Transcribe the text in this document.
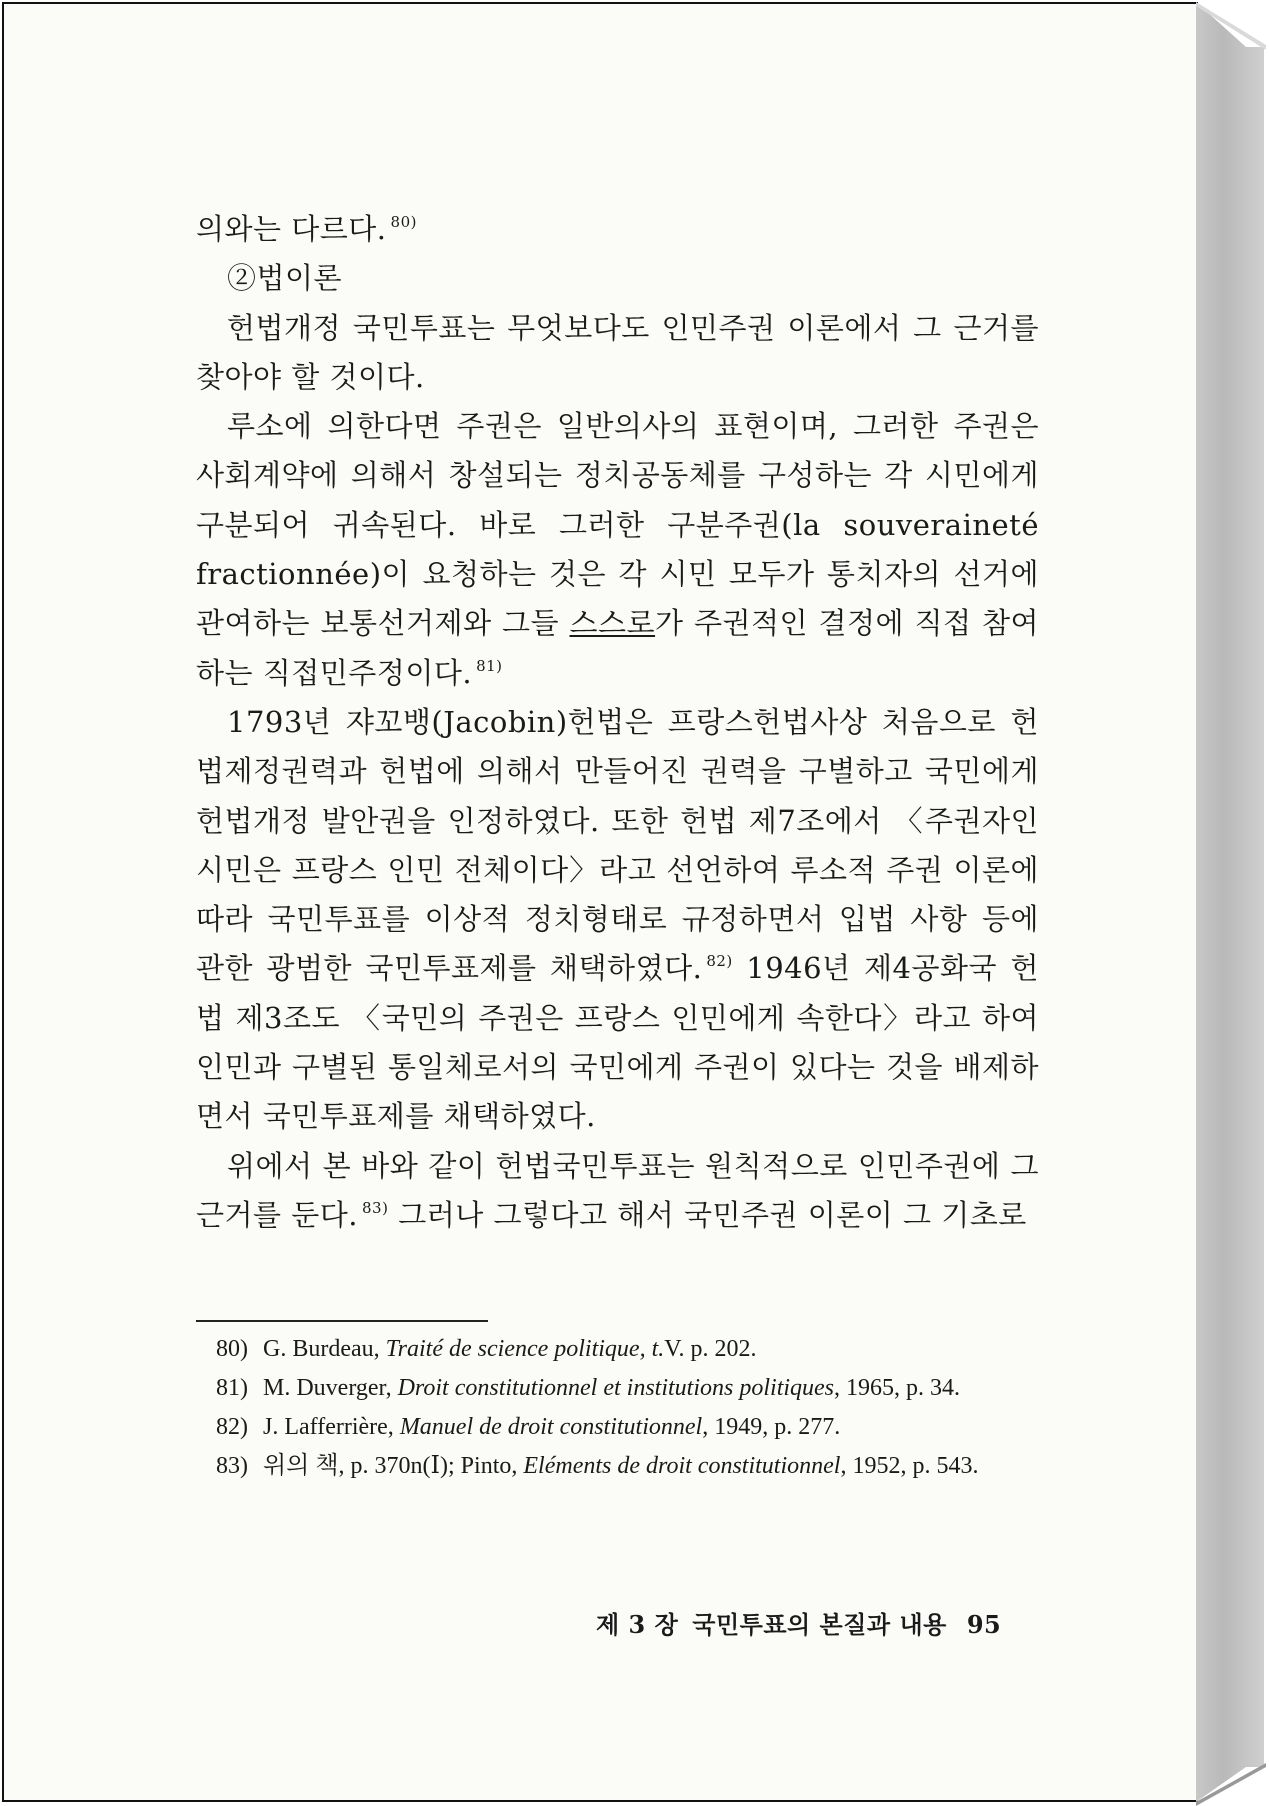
의와는 다르다. $^{80)}$

②법이론

헌법개정 국민투표는 무엇보다도 인민주권 이론에서 그 근거를 찾아야 할 것이다.

루소에 의한다면 주권은 일반의사의 표현이며, 그러한 주권은 사회계약에 의해서 창설되는 정치공동체를 구성하는 각 시민에게 구분되어 귀속된다. 바로 그러한 구분주권(la souveraineté fractionnée)이 요청하는 것은 각 시민 모두가 통치자의 선거에 관여하는 보통선거제와 그들 스스로가 주권적인 결정에 직접 참여하는 직접민주정이다. $^{81)}$

1793년 쟈꼬뱅(Jacobin)헌법은 프랑스헌법사상 처음으로 헌법제정권력과 헌법에 의해서 만들어진 권력을 구별하고 국민에게 헌법개정 발안권을 인정하였다. 또한 헌법 제7조에서 〈주권자인 시민은 프랑스 인민 전체이다〉라고 선언하여 루소적 주권 이론에 따라 국민투표를 이상적 정치형태로 규정하면서 입법 사항 등에 관한 광범한 국민투표제를 채택하였다. $^{82)}$ 1946년 제4공화국 헌법 제3조도 〈국민의 주권은 프랑스 인민에게 속한다〉라고 하여 인민과 구별된 통일체로서의 국민에게 주권이 있다는 것을 배제하면서 국민투표제를 채택하였다.

위에서 본 바와 같이 헌법국민투표는 원칙적으로 인민주권에 그 근거를 둔다. $^{83)}$ 그러나 그렇다고 해서 국민주권 이론이 그 기초로

80) G. Burdeau, Traité de science politique, t.V. p. 202.
81) M. Duverger, Droit constitutionnel et institutions politiques, 1965, p. 34.
82) J. Lafferrière, Manuel de droit constitutionnel, 1949, p. 277.
83) 위의 책, p. 370n(Ⅰ); Pinto, Eléments de droit constitutionnel, 1952, p. 543.
제 3 장 국민투표의 본질과 내용 95
